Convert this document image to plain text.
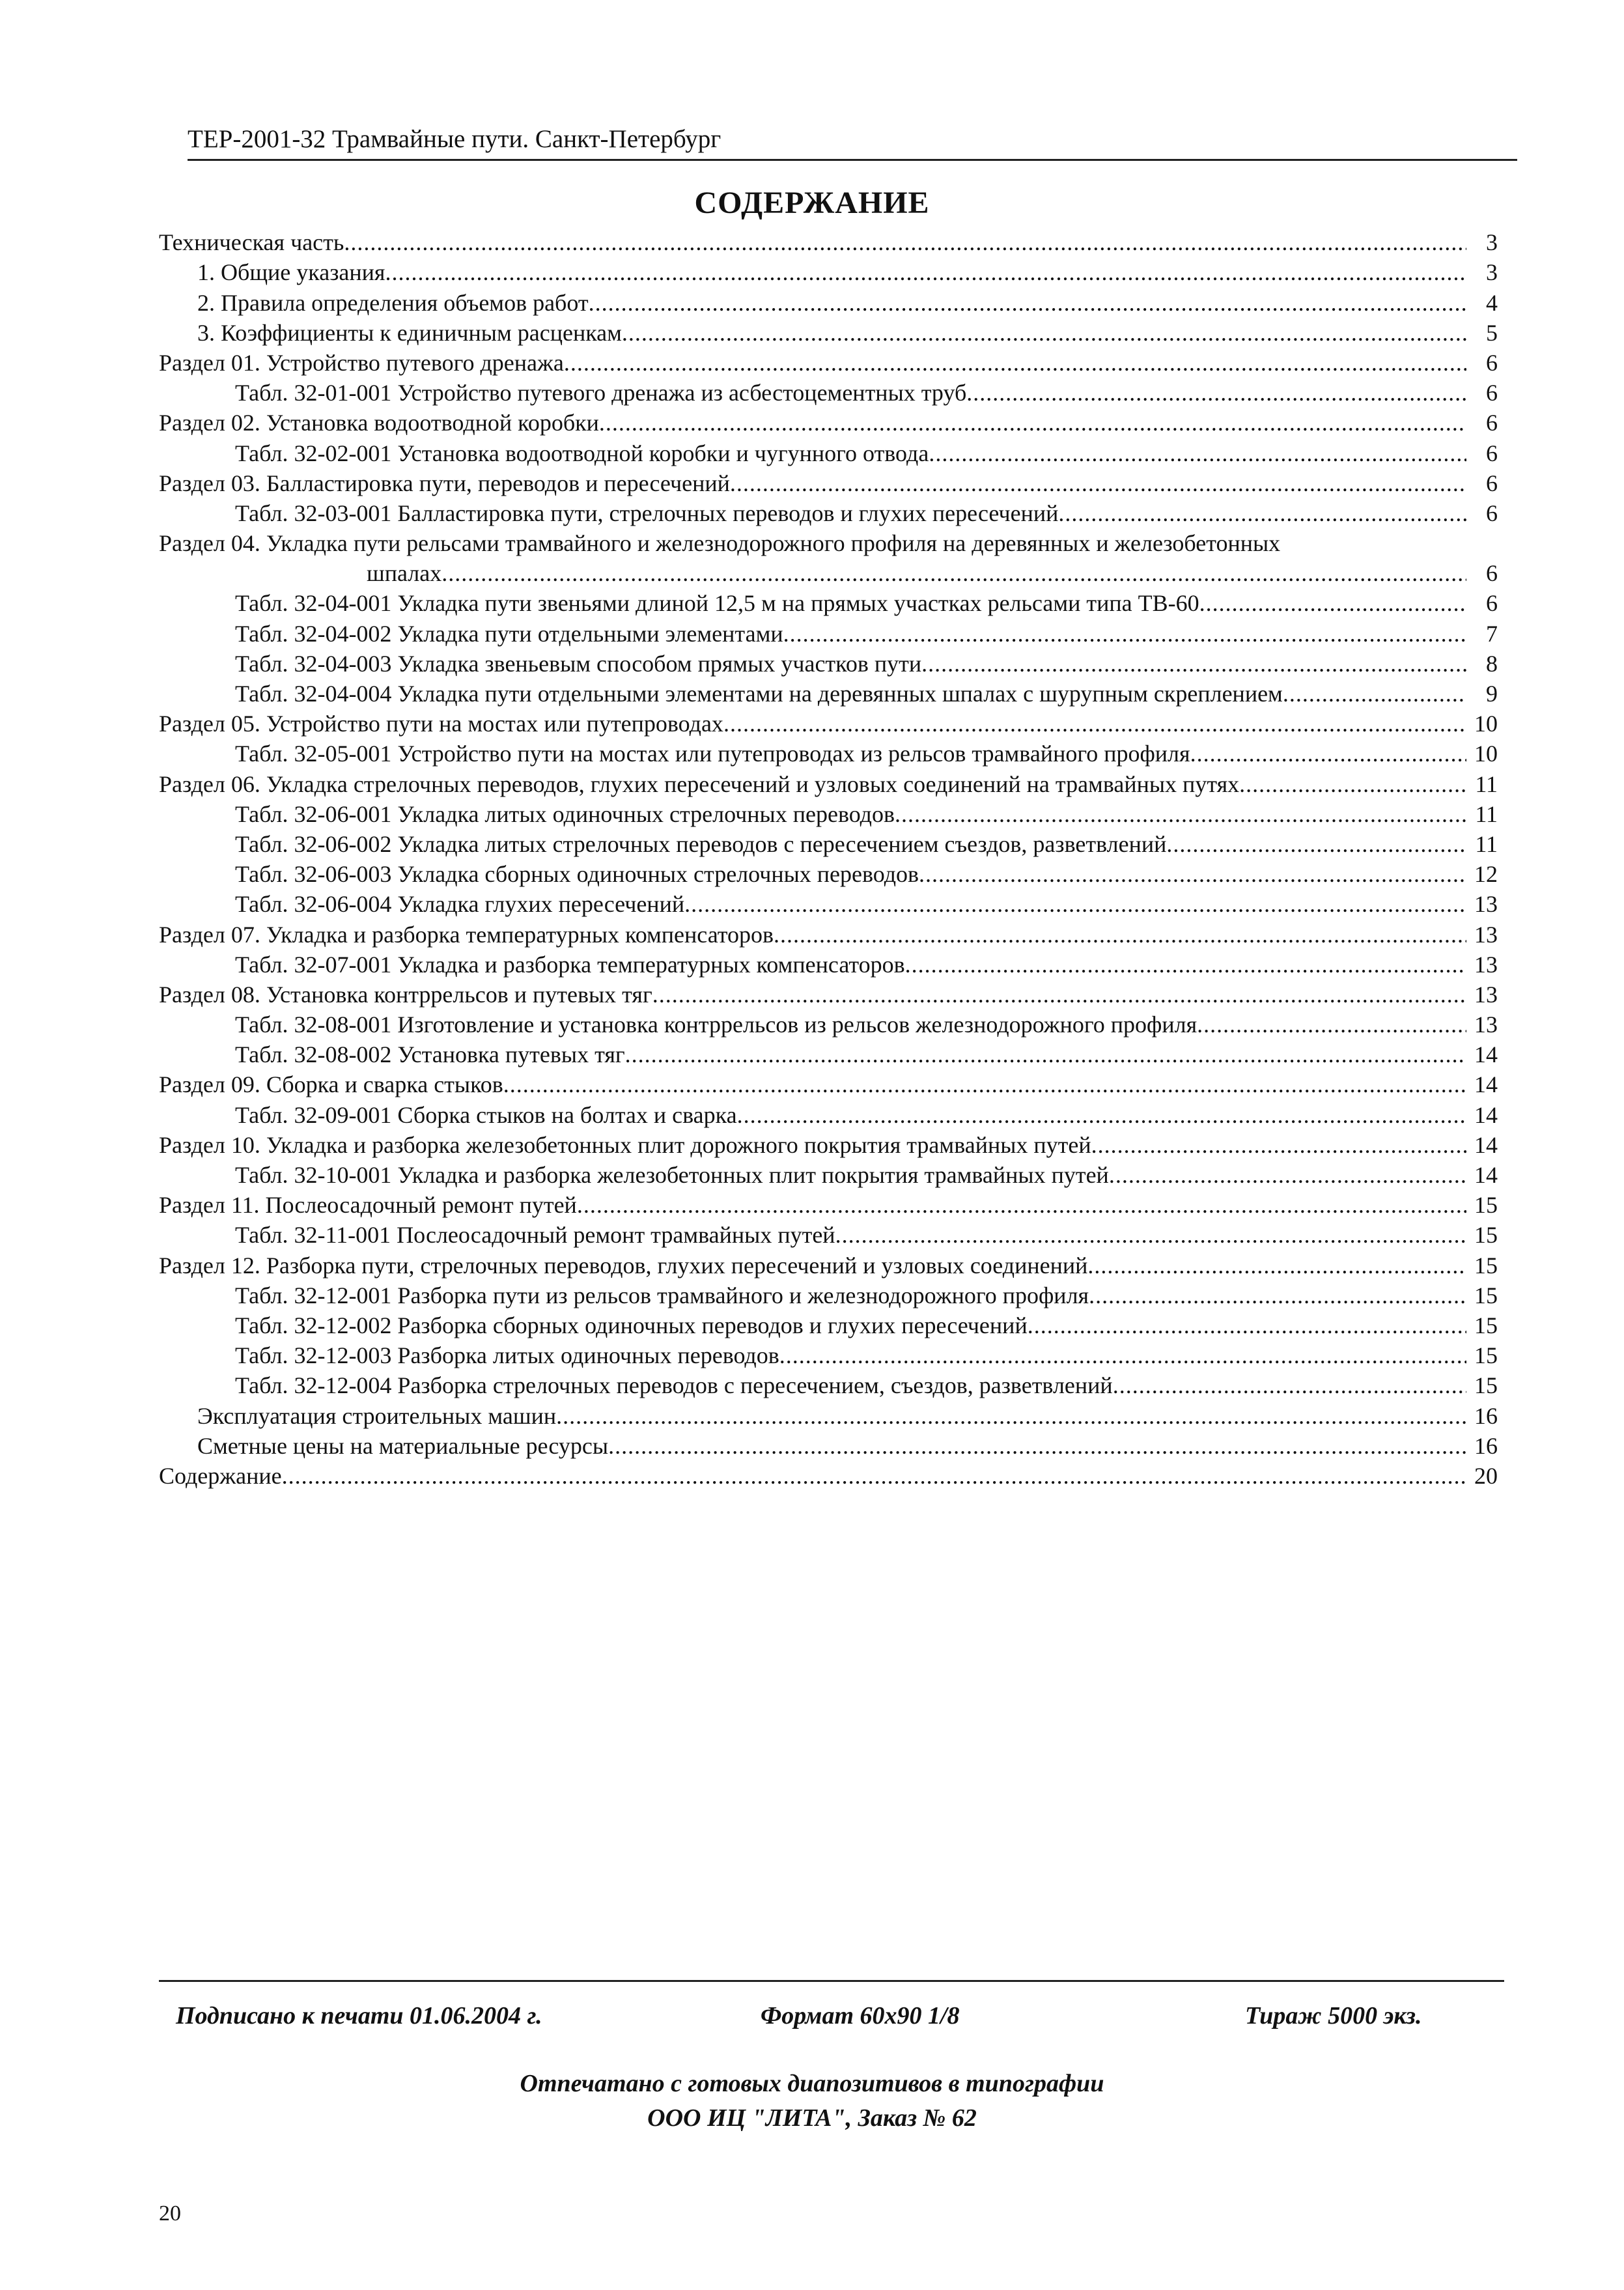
ТЕР-2001-32 Трамвайные пути. Санкт-Петербург
СОДЕРЖАНИЕ
Техническая часть .....	3
1. Общие указания .....	3
2. Правила определения объемов работ .....	4
3. Коэффициенты к единичным расценкам .....	5
Раздел 01. Устройство путевого дренажа .....	6
Табл. 32-01-001 Устройство путевого дренажа из асбестоцементных труб .....	6
Раздел 02. Установка водоотводной коробки .....	6
Табл. 32-02-001 Установка водоотводной коробки и чугунного отвода .....	6
Раздел 03. Балластировка пути, переводов и пересечений .....	6
Табл. 32-03-001 Балластировка пути, стрелочных переводов и глухих пересечений .....	6
Раздел 04. Укладка пути рельсами трамвайного и железнодорожного профиля на деревянных и железобетонных
шпалах .....	6
Табл. 32-04-001 Укладка пути звеньями длиной 12,5 м на прямых участках рельсами типа ТВ-60 .....	6
Табл. 32-04-002 Укладка пути отдельными элементами .....	7
Табл. 32-04-003 Укладка звеньевым способом прямых участков пути .....	8
Табл. 32-04-004 Укладка пути отдельными элементами на деревянных шпалах с шурупным скреплением .....	9
Раздел 05. Устройство пути на мостах или путепроводах .....	10
Табл. 32-05-001 Устройство пути на мостах или путепроводах из рельсов трамвайного профиля .....	10
Раздел 06. Укладка стрелочных переводов, глухих пересечений и узловых соединений на трамвайных путях .....	11
Табл. 32-06-001 Укладка литых одиночных стрелочных переводов .....	11
Табл. 32-06-002 Укладка литых стрелочных переводов с пересечением съездов, разветвлений .....	11
Табл. 32-06-003 Укладка сборных одиночных стрелочных переводов .....	12
Табл. 32-06-004 Укладка глухих пересечений .....	13
Раздел 07. Укладка и разборка температурных компенсаторов .....	13
Табл. 32-07-001 Укладка и разборка температурных компенсаторов .....	13
Раздел 08. Установка контррельсов и путевых тяг .....	13
Табл. 32-08-001 Изготовление и установка контррельсов из рельсов железнодорожного профиля .....	13
Табл. 32-08-002 Установка путевых тяг .....	14
Раздел 09. Сборка и сварка стыков .....	14
Табл. 32-09-001 Сборка стыков на болтах и сварка .....	14
Раздел 10. Укладка и разборка железобетонных плит дорожного покрытия трамвайных путей .....	14
Табл. 32-10-001 Укладка и разборка железобетонных плит покрытия трамвайных путей .....	14
Раздел 11. Послеосадочный ремонт путей .....	15
Табл. 32-11-001 Послеосадочный ремонт трамвайных путей .....	15
Раздел 12. Разборка пути, стрелочных переводов, глухих пересечений и узловых соединений .....	15
Табл. 32-12-001 Разборка пути из рельсов трамвайного и железнодорожного профиля .....	15
Табл. 32-12-002 Разборка сборных одиночных переводов и глухих пересечений .....	15
Табл. 32-12-003 Разборка литых одиночных переводов .....	15
Табл. 32-12-004 Разборка стрелочных переводов с пересечением, съездов, разветвлений .....	15
Эксплуатация строительных машин .....	16
Сметные цены на материальные ресурсы .....	16
Содержание .....	20
Подписано к печати 01.06.2004 г.	Формат 60х90 1/8	Тираж 5000 экз.
Отпечатано с готовых диапозитивов в типографии
ООО ИЦ "ЛИТА", Заказ № 62
20
